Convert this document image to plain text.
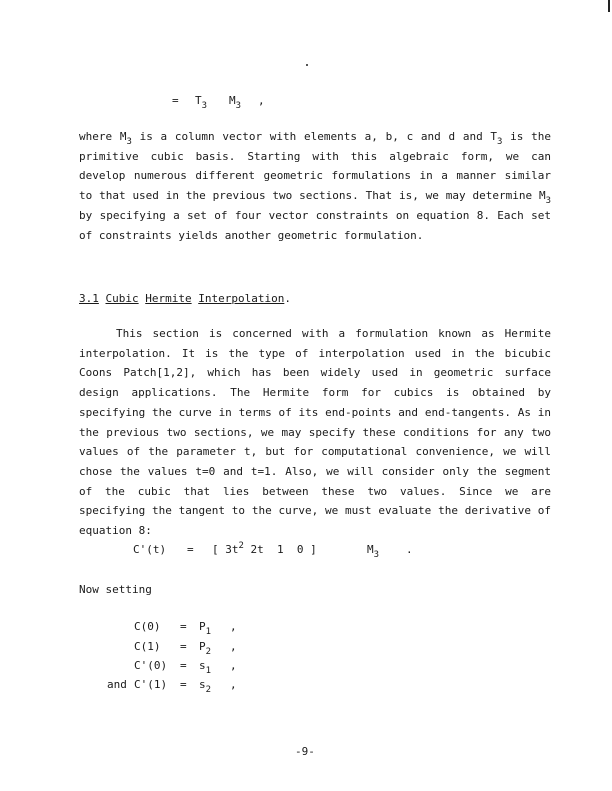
= $T_3$ $M_3$ ,
where $M_3$ is a column vector with elements a, b, c and d and $T_3$ is the primitive cubic basis. Starting with this algebraic form, we can develop numerous different geometric formulations in a manner similar to that used in the previous two sections. That is, we may determine $M_3$ by specifying a set of four vector constraints on equation 8. Each set of constraints yields another geometric formulation.
3.1 Cubic Hermite Interpolation.
This section is concerned with a formulation known as Hermite interpolation. It is the type of interpolation used in the bicubic Coons Patch[1,2], which has been widely used in geometric surface design applications. The Hermite form for cubics is obtained by specifying the curve in terms of its end-points and end-tangents. As in the previous two sections, we may specify these conditions for any two values of the parameter t, but for computational convenience, we will chose the values t=0 and t=1. Also, we will consider only the segment of the cubic that lies between these two values. Since we are specifying the tangent to the curve, we must evaluate the derivative of equation 8:
C'(t) = [ $3t^2$ 2t  1  0 ]	$M_3$ .
Now setting
$C(0) = P_1$ ,
$C(1) = P_2$ ,
$C'(0) = s_1$ ,
and $C'(1) = s_2$ ,
-9-
